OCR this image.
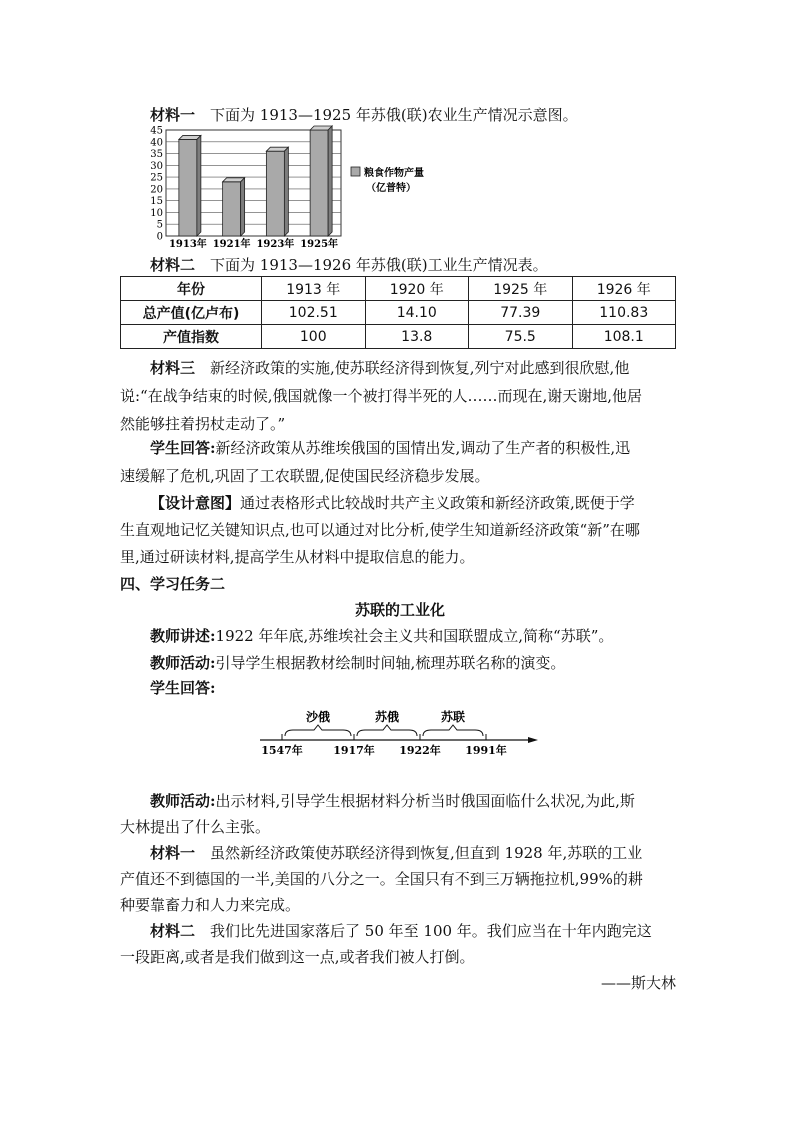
材料一　下面为 1913—1925 年苏俄(联)农业生产情况示意图。
0
5
10
15
20
25
30
35
40
45
1913年 1921年 1923年 1925年
粮食作物产量
（亿普特）
材料二　下面为 1913—1926 年苏俄(联)工业生产情况表。
年份	1913 年	1920 年	1925 年	1926 年
总产值(亿卢布)	102.51	14.10	77.39	110.83
产值指数	100	13.8	75.5	108.1
材料三　新经济政策的实施,使苏联经济得到恢复,列宁对此感到很欣慰,他
说:“在战争结束的时候,俄国就像一个被打得半死的人……而现在,谢天谢地,他居
然能够拄着拐杖走动了。”
学生回答:新经济政策从苏维埃俄国的国情出发,调动了生产者的积极性,迅
速缓解了危机,巩固了工农联盟,促使国民经济稳步发展。
【设计意图】通过表格形式比较战时共产主义政策和新经济政策,既便于学
生直观地记忆关键知识点,也可以通过对比分析,使学生知道新经济政策“新”在哪
里,通过研读材料,提高学生从材料中提取信息的能力。
四、学习任务二
苏联的工业化
教师讲述:1922 年年底,苏维埃社会主义共和国联盟成立,简称“苏联”。
教师活动:引导学生根据教材绘制时间轴,梳理苏联名称的演变。
学生回答:
1547年	1917年 1922年 1991年
沙俄	苏俄	苏联
教师活动:出示材料,引导学生根据材料分析当时俄国面临什么状况,为此,斯
大林提出了什么主张。
材料一　虽然新经济政策使苏联经济得到恢复,但直到 1928 年,苏联的工业
产值还不到德国的一半,美国的八分之一。全国只有不到三万辆拖拉机,99%的耕
种要靠畜力和人力来完成。
材料二　我们比先进国家落后了 50 年至 100 年。我们应当在十年内跑完这
一段距离,或者是我们做到这一点,或者我们被人打倒。
——斯大林
